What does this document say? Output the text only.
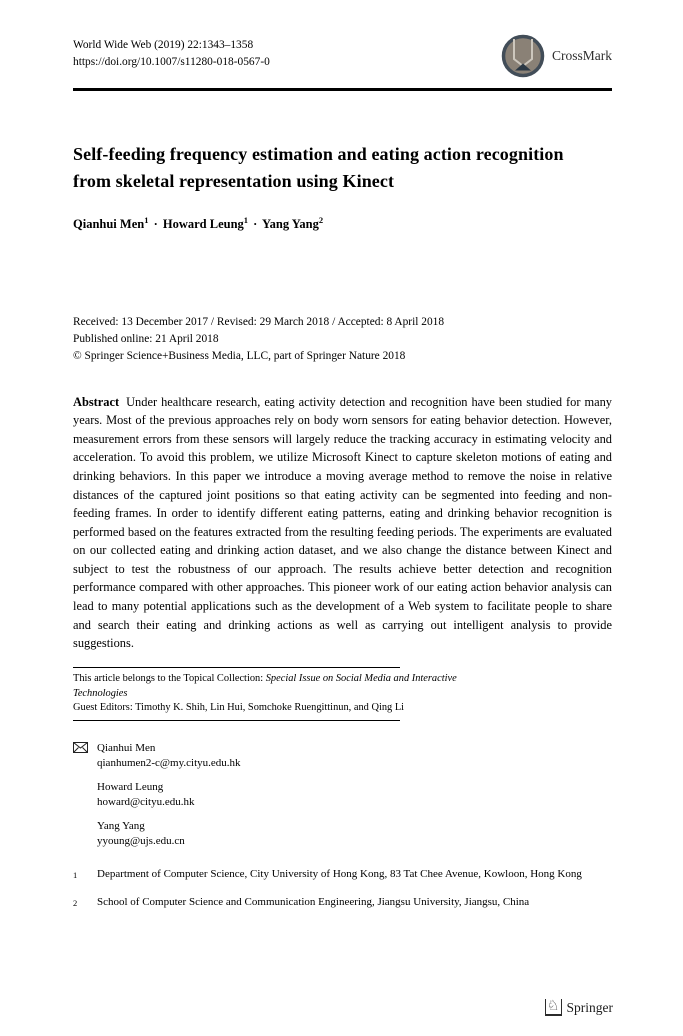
World Wide Web (2019) 22:1343–1358
https://doi.org/10.1007/s11280-018-0567-0	CrossMark
Self-feeding frequency estimation and eating action recognition from skeletal representation using Kinect
Qianhui Men$^1$ · Howard Leung$^1$ · Yang Yang$^2$
Received: 13 December 2017 / Revised: 29 March 2018 / Accepted: 8 April 2018
Published online: 21 April 2018
© Springer Science+Business Media, LLC, part of Springer Nature 2018

Abstract Under healthcare research, eating activity detection and recognition have been studied for many years. Most of the previous approaches rely on body worn sensors for eating behavior detection. However, measurement errors from these sensors will largely reduce the tracking accuracy in estimating velocity and acceleration. To avoid this problem, we utilize Microsoft Kinect to capture skeleton motions of eating and drinking behaviors. In this paper we introduce a moving average method to remove the noise in relative distances of the captured joint positions so that eating activity can be segmented into feeding and non-feeding frames. In order to identify different eating patterns, eating and drinking behavior recognition is performed based on the features extracted from the resulting feeding periods. The experiments are evaluated on our collected eating and drinking action dataset, and we also change the distance between Kinect and subject to test the robustness of our approach. The results achieve better detection and recognition performance compared with other approaches. This pioneer work of our eating action behavior analysis can lead to many potential applications such as the development of a Web system to facilitate people to share and search their eating and drinking actions as well as carrying out intelligent analysis to provide suggestions.

This article belongs to the Topical Collection: Special Issue on Social Media and Interactive Technologies
Guest Editors: Timothy K. Shih, Lin Hui, Somchoke Ruengittinun, and Qing Li
Qianhui Men
qianhumen2-c@my.cityu.edu.hk
Howard Leung
howard@cityu.edu.hk
Yang Yang
yyoung@ujs.edu.cn
1	Department of Computer Science, City University of Hong Kong, 83 Tat Chee Avenue, Kowloon, Hong Kong
2	School of Computer Science and Communication Engineering, Jiangsu University, Jiangsu, China
♘ Springer
